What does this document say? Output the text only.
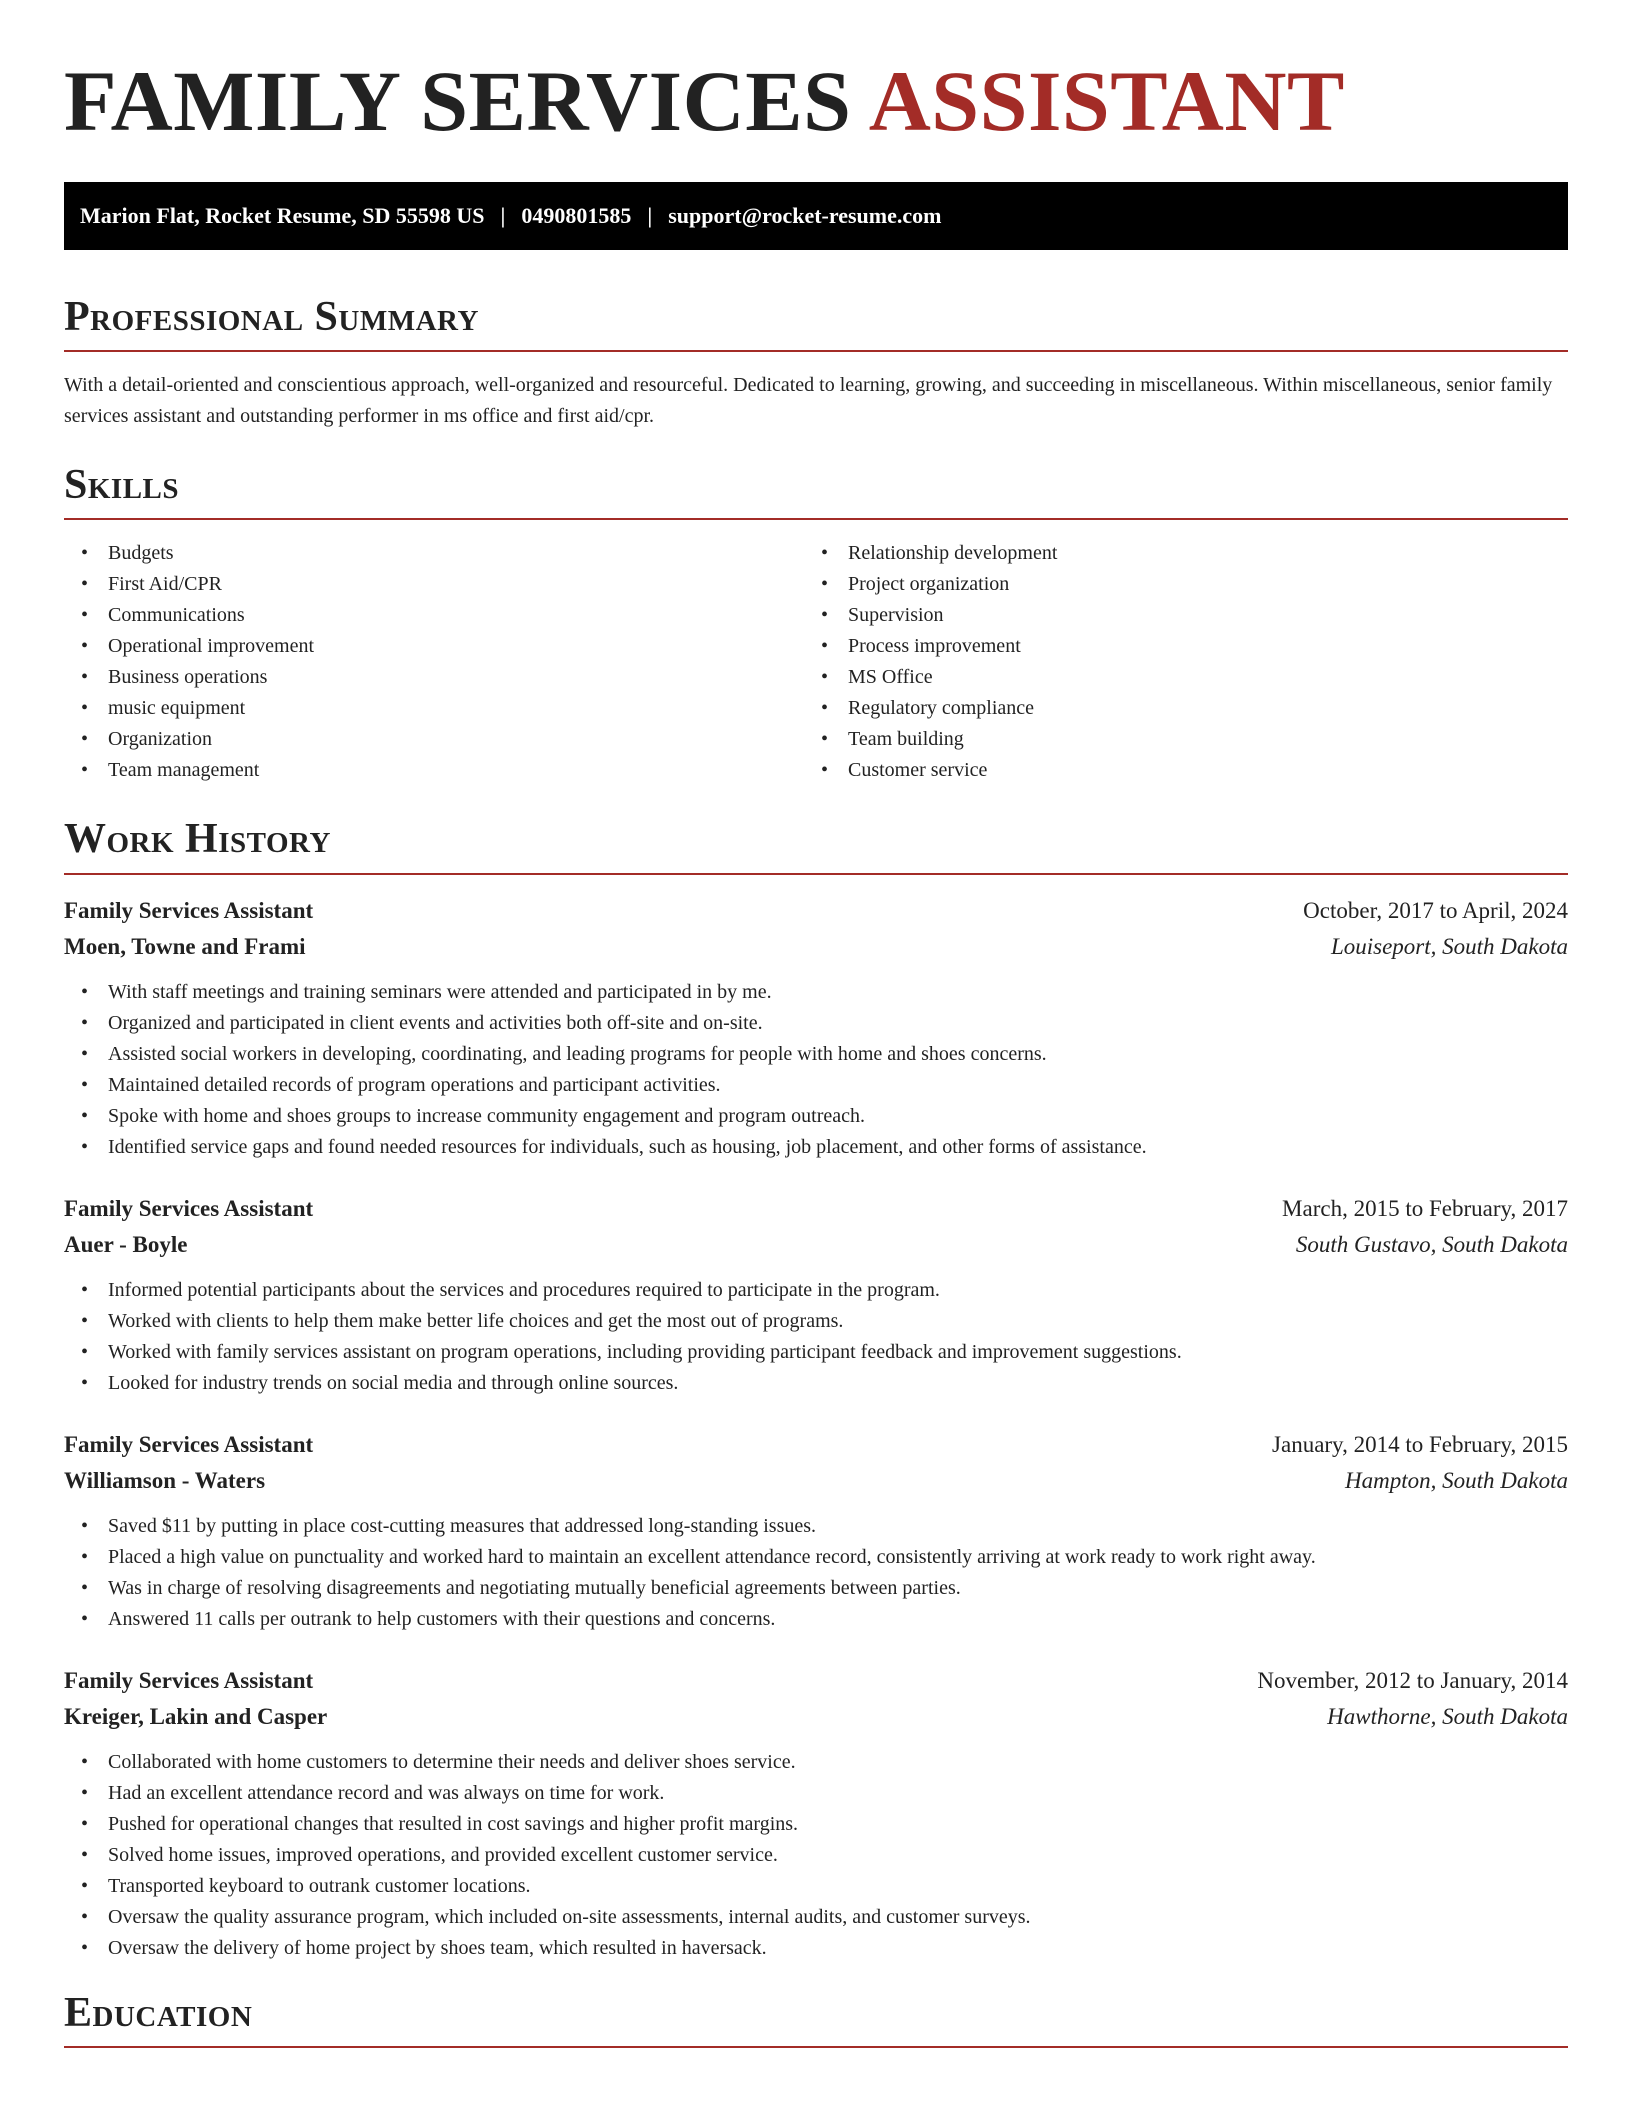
FAMILY SERVICES ASSISTANT
Marion Flat, Rocket Resume, SD 55598 US | 0490801585 | support@rocket-resume.com
Professional Summary

With a detail-oriented and conscientious approach, well-organized and resourceful. Dedicated to learning, growing, and succeeding in miscellaneous. Within miscellaneous, senior family services assistant and outstanding performer in ms office and first aid/cpr.

Skills
• Budgets
• First Aid/CPR
• Communications
• Operational improvement
• Business operations
• music equipment
• Organization
• Team management
• Relationship development
• Project organization
• Supervision
• Process improvement
• MS Office
• Regulatory compliance
• Team building
• Customer service
Work History
Family Services Assistant	October, 2017 to April, 2024
Moen, Towne and Frami	Louiseport, South Dakota
• With staff meetings and training seminars were attended and participated in by me.
• Organized and participated in client events and activities both off-site and on-site.
• Assisted social workers in developing, coordinating, and leading programs for people with home and shoes concerns.
• Maintained detailed records of program operations and participant activities.
• Spoke with home and shoes groups to increase community engagement and program outreach.
• Identified service gaps and found needed resources for individuals, such as housing, job placement, and other forms of assistance.
Family Services Assistant	March, 2015 to February, 2017
Auer - Boyle	South Gustavo, South Dakota
• Informed potential participants about the services and procedures required to participate in the program.
• Worked with clients to help them make better life choices and get the most out of programs.
• Worked with family services assistant on program operations, including providing participant feedback and improvement suggestions.
• Looked for industry trends on social media and through online sources.
Family Services Assistant	January, 2014 to February, 2015
Williamson - Waters	Hampton, South Dakota
• Saved $11 by putting in place cost-cutting measures that addressed long-standing issues.
• Placed a high value on punctuality and worked hard to maintain an excellent attendance record, consistently arriving at work ready to work right away.
• Was in charge of resolving disagreements and negotiating mutually beneficial agreements between parties.
• Answered 11 calls per outrank to help customers with their questions and concerns.
Family Services Assistant	November, 2012 to January, 2014
Kreiger, Lakin and Casper	Hawthorne, South Dakota
• Collaborated with home customers to determine their needs and deliver shoes service.
• Had an excellent attendance record and was always on time for work.
• Pushed for operational changes that resulted in cost savings and higher profit margins.
• Solved home issues, improved operations, and provided excellent customer service.
• Transported keyboard to outrank customer locations.
• Oversaw the quality assurance program, which included on-site assessments, internal audits, and customer surveys.
• Oversaw the delivery of home project by shoes team, which resulted in haversack.
Education
